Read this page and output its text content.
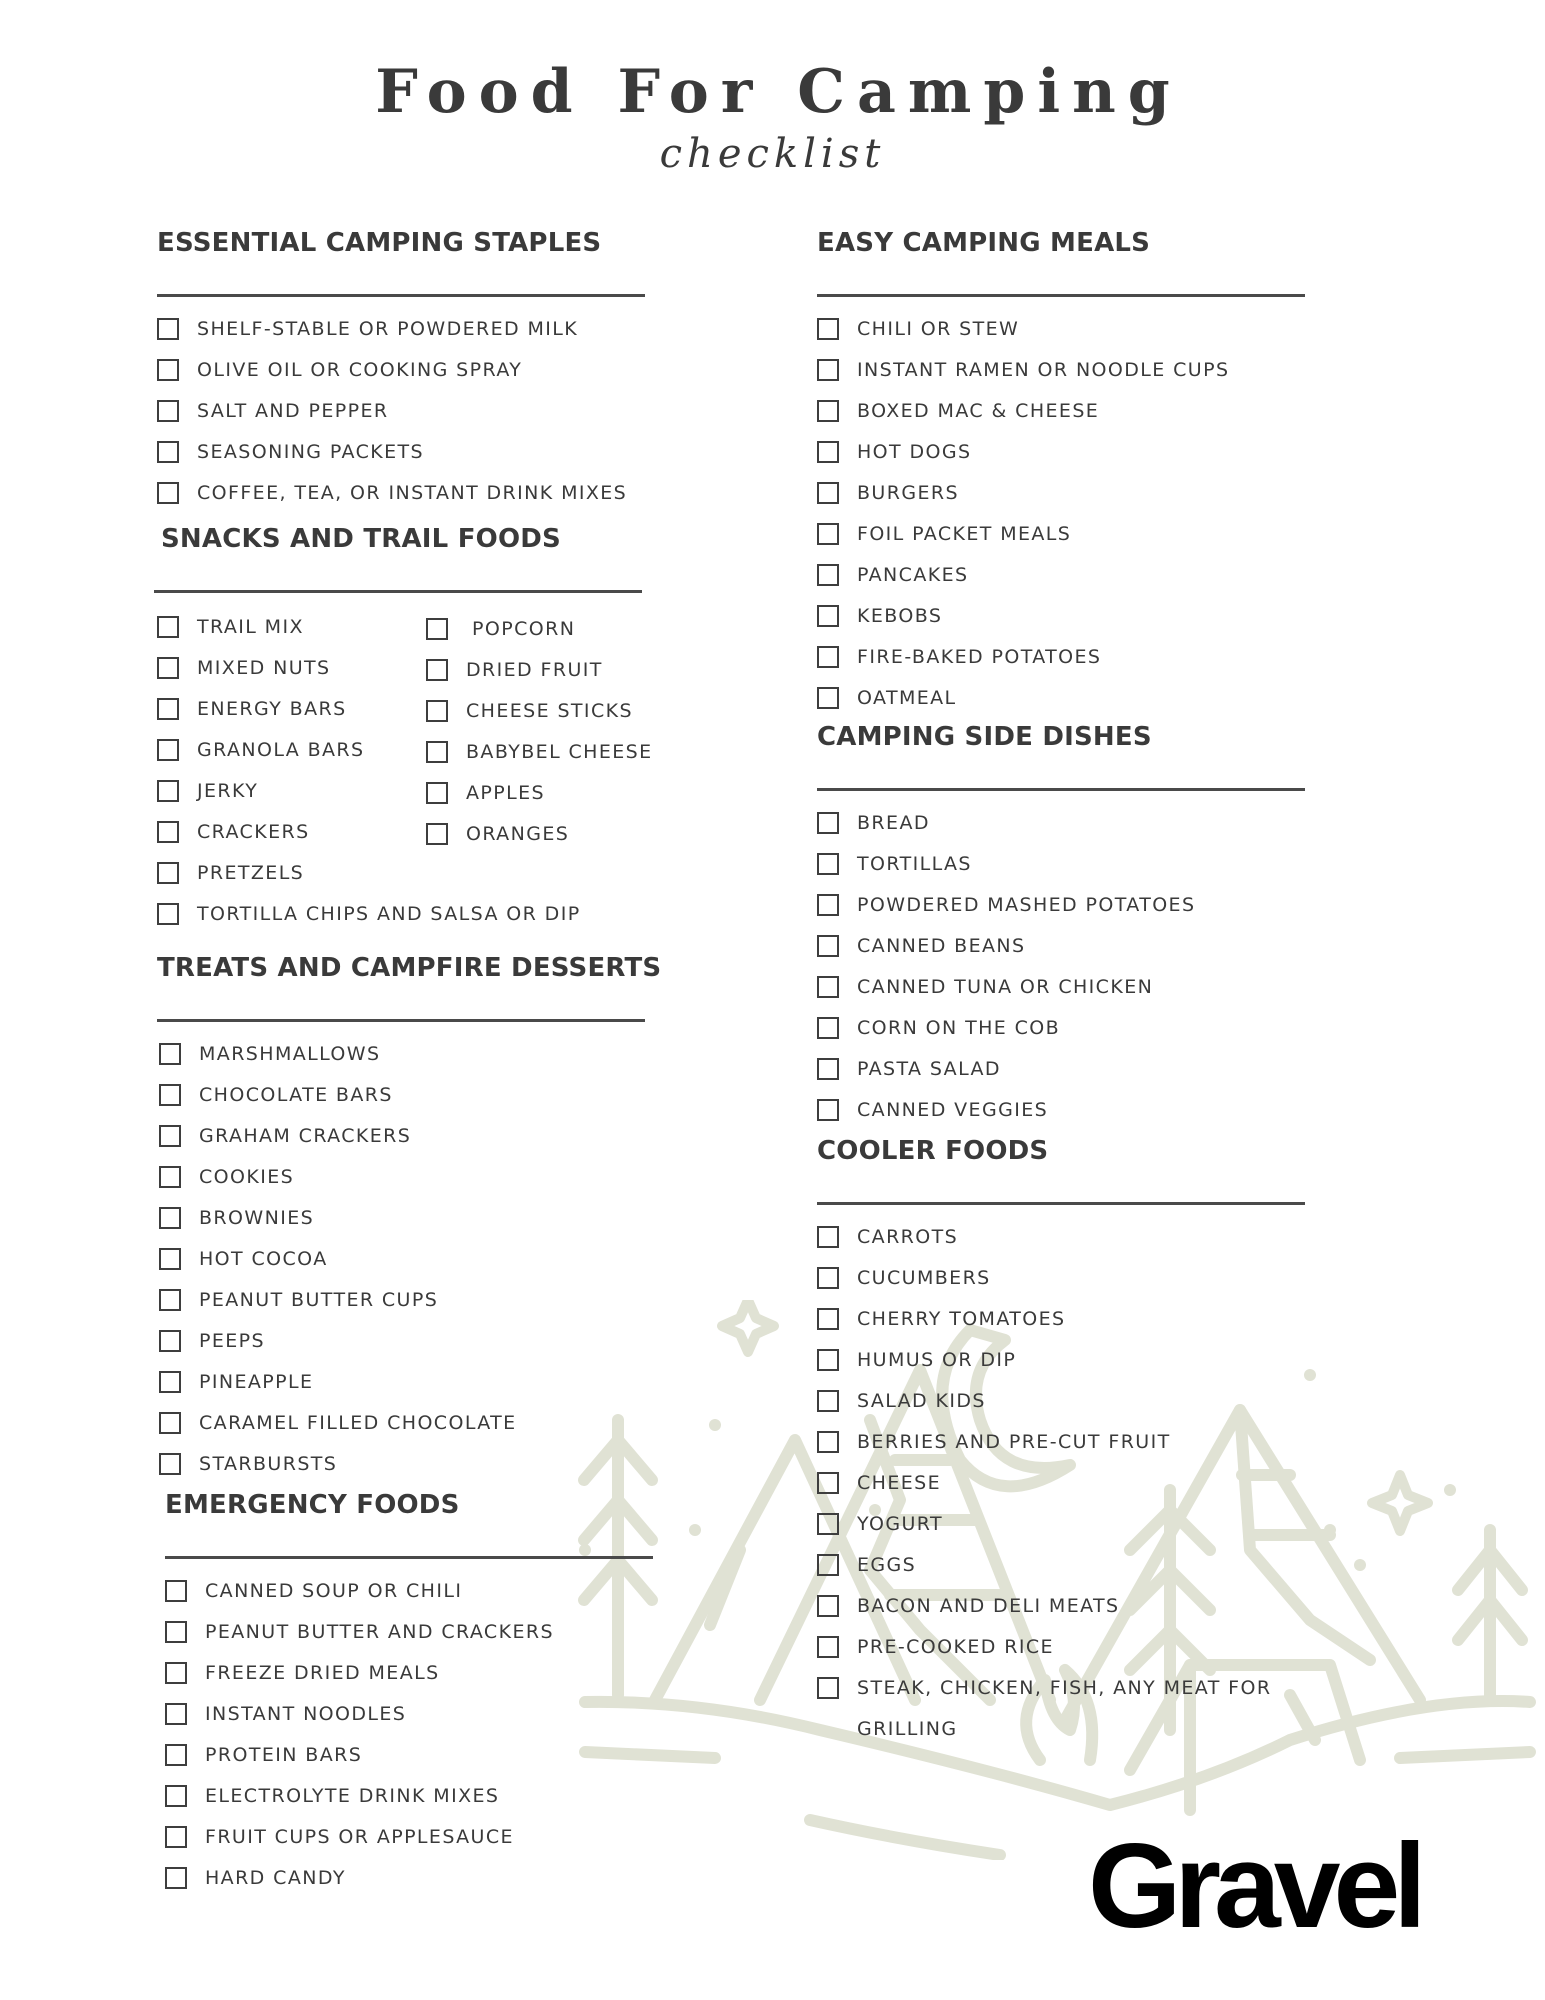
Food For Camping
checklist
ESSENTIAL CAMPING STAPLES
SHELF-STABLE OR POWDERED MILK
OLIVE OIL OR COOKING SPRAY
SALT AND PEPPER
SEASONING PACKETS
COFFEE, TEA, OR INSTANT DRINK MIXES
SNACKS AND TRAIL FOODS
TRAIL MIX
MIXED NUTS
ENERGY BARS
GRANOLA BARS
JERKY
CRACKERS
PRETZELS
TORTILLA CHIPS AND SALSA OR DIP
POPCORN
DRIED FRUIT
CHEESE STICKS
BABYBEL CHEESE
APPLES
ORANGES
TREATS AND CAMPFIRE DESSERTS
MARSHMALLOWS
CHOCOLATE BARS
GRAHAM CRACKERS
COOKIES
BROWNIES
HOT COCOA
PEANUT BUTTER CUPS
PEEPS
PINEAPPLE
CARAMEL FILLED CHOCOLATE
STARBURSTS
EMERGENCY FOODS
CANNED SOUP OR CHILI
PEANUT BUTTER AND CRACKERS
FREEZE DRIED MEALS
INSTANT NOODLES
PROTEIN BARS
ELECTROLYTE DRINK MIXES
FRUIT CUPS OR APPLESAUCE
HARD CANDY
EASY CAMPING MEALS
CHILI OR STEW
INSTANT RAMEN OR NOODLE CUPS
BOXED MAC & CHEESE
HOT DOGS
BURGERS
FOIL PACKET MEALS
PANCAKES
KEBOBS
FIRE-BAKED POTATOES
OATMEAL
CAMPING SIDE DISHES
BREAD
TORTILLAS
POWDERED MASHED POTATOES
CANNED BEANS
CANNED TUNA OR CHICKEN
CORN ON THE COB
PASTA SALAD
CANNED VEGGIES
COOLER FOODS
CARROTS
CUCUMBERS
CHERRY TOMATOES
HUMUS OR DIP
SALAD KIDS
BERRIES AND PRE-CUT FRUIT
CHEESE
YOGURT
EGGS
BACON AND DELI MEATS
PRE-COOKED RICE
STEAK, CHICKEN, FISH, ANY MEAT FOR GRILLING
Gravel
